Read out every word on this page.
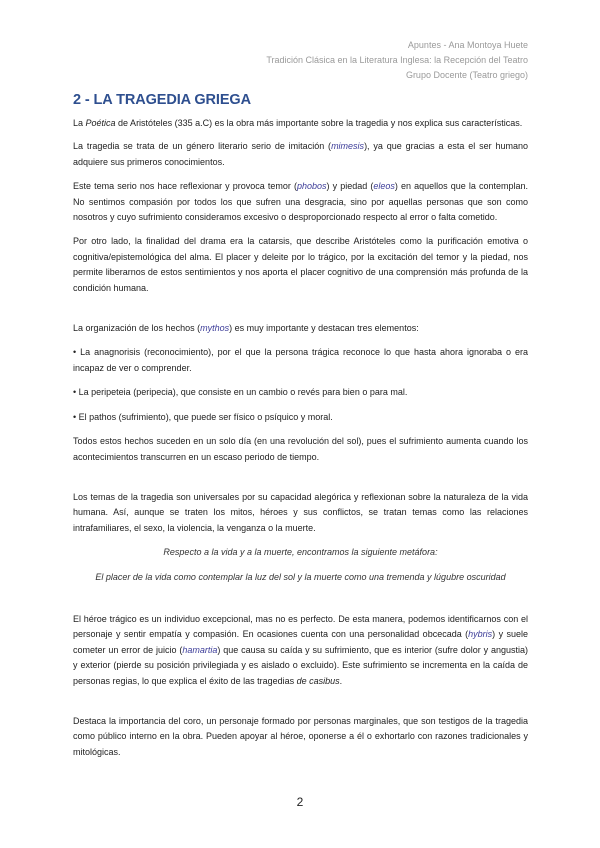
Apuntes - Ana Montoya Huete
Tradición Clásica en la Literatura Inglesa: la Recepción del Teatro
Grupo Docente (Teatro griego)
2 - LA TRAGEDIA GRIEGA

La Poética de Aristóteles (335 a.C) es la obra más importante sobre la tragedia y nos explica sus características.

La tragedia se trata de un género literario serio de imitación (mimesis), ya que gracias a esta el ser humano adquiere sus primeros conocimientos.

Este tema serio nos hace reflexionar y provoca temor (phobos) y piedad (eleos) en aquellos que la contemplan. No sentimos compasión por todos los que sufren una desgracia, sino por aquellas personas que son como nosotros y cuyo sufrimiento consideramos excesivo o desproporcionado respecto al error o falta cometido.

Por otro lado, la finalidad del drama era la catarsis, que describe Aristóteles como la purificación emotiva o cognitiva/epistemológica del alma. El placer y deleite por lo trágico, por la excitación del temor y la piedad, nos permite liberarnos de estos sentimientos y nos aporta el placer cognitivo de una comprensión más profunda de la condición humana.

La organización de los hechos (mythos) es muy importante y destacan tres elementos:

• La anagnorisis (reconocimiento), por el que la persona trágica reconoce lo que hasta ahora ignoraba o era incapaz de ver o comprender.

• La peripeteia (peripecia), que consiste en un cambio o revés para bien o para mal.

• El pathos (sufrimiento), que puede ser físico o psíquico y moral.

Todos estos hechos suceden en un solo día (en una revolución del sol), pues el sufrimiento aumenta cuando los acontecimientos transcurren en un escaso periodo de tiempo.

Los temas de la tragedia son universales por su capacidad alegórica y reflexionan sobre la naturaleza de la vida humana. Así, aunque se traten los mitos, héroes y sus conflictos, se tratan temas como las relaciones intrafamiliares, el sexo, la violencia, la venganza o la muerte.

Respecto a la vida y a la muerte, encontramos la siguiente metáfora:

El placer de la vida como contemplar la luz del sol y la muerte como una tremenda y lúgubre oscuridad

El héroe trágico es un individuo excepcional, mas no es perfecto. De esta manera, podemos identificarnos con el personaje y sentir empatía y compasión. En ocasiones cuenta con una personalidad obcecada (hybris) y suele cometer un error de juicio (hamartia) que causa su caída y su sufrimiento, que es interior (sufre dolor y angustia) y exterior (pierde su posición privilegiada y es aislado o excluido). Este sufrimiento se incrementa en la caída de personas regias, lo que explica el éxito de las tragedias de casibus.

Destaca la importancia del coro, un personaje formado por personas marginales, que son testigos de la tragedia como público interno en la obra. Pueden apoyar al héroe, oponerse a él o exhortarlo con razones tradicionales y mitológicas.

2
